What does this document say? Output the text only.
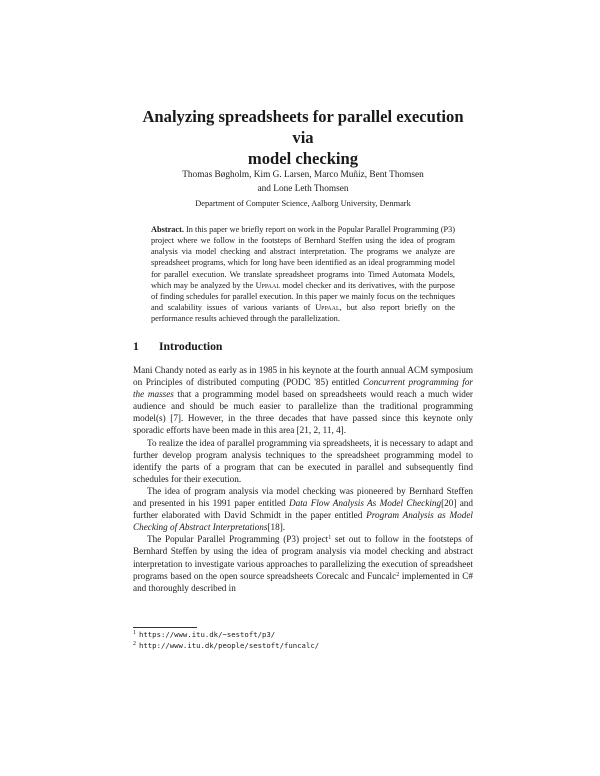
Analyzing spreadsheets for parallel execution via
model checking
Thomas Bøgholm, Kim G. Larsen, Marco Muñiz, Bent Thomsen
and Lone Leth Thomsen
Department of Computer Science, Aalborg University, Denmark

Abstract. In this paper we briefly report on work in the Popular Parallel Programming (P3) project where we follow in the footsteps of Bernhard Steffen using the idea of program analysis via model checking and abstract interpretation. The programs we analyze are spreadsheet programs, which for long have been identified as an ideal programming model for parallel execution. We translate spreadsheet programs into Timed Automata Models, which may be analyzed by the Uppaal model checker and its derivatives, with the purpose of finding schedules for parallel execution. In this paper we mainly focus on the techniques and scalability issues of various variants of Uppaal, but also report briefly on the performance results achieved through the parallelization.

1 Introduction

Mani Chandy noted as early as in 1985 in his keynote at the fourth annual ACM symposium on Principles of distributed computing (PODC '85) entitled Concurrent programming for the masses that a programming model based on spreadsheets would reach a much wider audience and should be much easier to parallelize than the traditional programming model(s) [7]. However, in the three decades that have passed since this keynote only sporadic efforts have been made in this area [21, 2, 11, 4].

To realize the idea of parallel programming via spreadsheets, it is necessary to adapt and further develop program analysis techniques to the spreadsheet programming model to identify the parts of a program that can be executed in parallel and subsequently find schedules for their execution.

The idea of program analysis via model checking was pioneered by Bernhard Steffen and presented in his 1991 paper entitled Data Flow Analysis As Model Checking[20] and further elaborated with David Schmidt in the paper entitled Program Analysis as Model Checking of Abstract Interpretations[18].

The Popular Parallel Programming (P3) project$^1$ set out to follow in the footsteps of Bernhard Steffen by using the idea of program analysis via model checking and abstract interpretation to investigate various approaches to parallelizing the execution of spreadsheet programs based on the open source spreadsheets Corecalc and Funcalc$^2$ implemented in C# and thoroughly described in

$^1$ https://www.itu.dk/~sestoft/p3/
$^2$ http://www.itu.dk/people/sestoft/funcalc/
